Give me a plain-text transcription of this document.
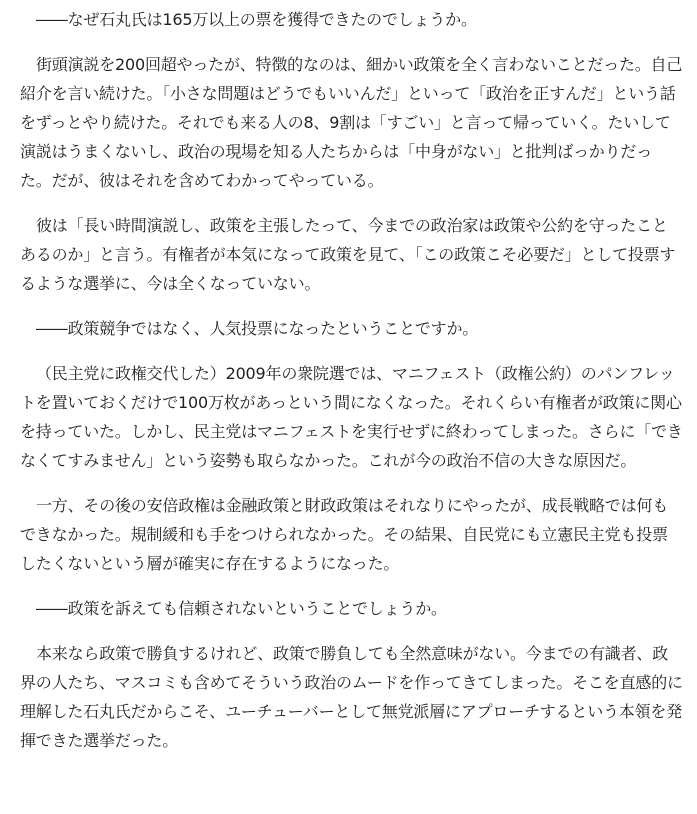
――なぜ石丸氏は165万以上の票を獲得できたのでしょうか。

街頭演説を200回超やったが、特徴的なのは、細かい政策を全く言わないことだった。自己紹介を言い続けた。「小さな問題はどうでもいいんだ」といって「政治を正すんだ」という話をずっとやり続けた。それでも来る人の8、9割は「すごい」と言って帰っていく。たいして演説はうまくないし、政治の現場を知る人たちからは「中身がない」と批判ばっかりだった。だが、彼はそれを含めてわかってやっている。

彼は「長い時間演説し、政策を主張したって、今までの政治家は政策や公約を守ったことあるのか」と言う。有権者が本気になって政策を見て、「この政策こそ必要だ」として投票するような選挙に、今は全くなっていない。

――政策競争ではなく、人気投票になったということですか。

（民主党に政権交代した）2009年の衆院選では、マニフェスト（政権公約）のパンフレットを置いておくだけで100万枚があっという間になくなった。それくらい有権者が政策に関心を持っていた。しかし、民主党はマニフェストを実行せずに終わってしまった。さらに「できなくてすみません」という姿勢も取らなかった。これが今の政治不信の大きな原因だ。

一方、その後の安倍政権は金融政策と財政政策はそれなりにやったが、成長戦略では何もできなかった。規制緩和も手をつけられなかった。その結果、自民党にも立憲民主党も投票したくないという層が確実に存在するようになった。

――政策を訴えても信頼されないということでしょうか。

本来なら政策で勝負するけれど、政策で勝負しても全然意味がない。今までの有識者、政界の人たち、マスコミも含めてそういう政治のムードを作ってきてしまった。そこを直感的に理解した石丸氏だからこそ、ユーチューバーとして無党派層にアプローチするという本領を発揮できた選挙だった。
